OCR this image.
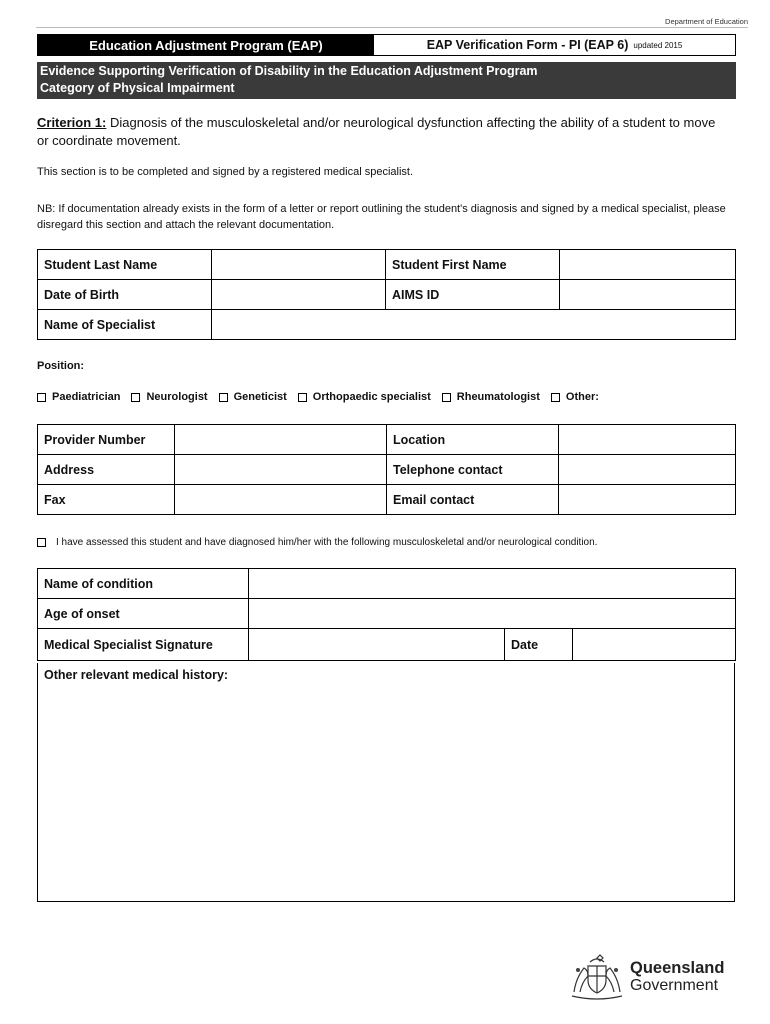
Department of Education
Education Adjustment Program (EAP)	EAP Verification Form - PI (EAP 6) updated 2015
Evidence Supporting Verification of Disability in the Education Adjustment Program
Category of Physical Impairment
Criterion 1: Diagnosis of the musculoskeletal and/or neurological dysfunction affecting the ability of a student to move or coordinate movement.
This section is to be completed and signed by a registered medical specialist.
NB: If documentation already exists in the form of a letter or report outlining the student's diagnosis and signed by a medical specialist, please disregard this section and attach the relevant documentation.
Student Last Name		Student First Name	
Date of Birth		AIMS ID	
Name of Specialist			
Position:
Paediatrician Neurologist Geneticist Orthopaedic specialist Rheumatologist Other:
Provider Number		Location	
Address		Telephone contact	
Fax		Email contact	
I have assessed this student and have diagnosed him/her with the following musculoskeletal and/or neurological condition.
Name of condition			
Age of onset			
Medical Specialist Signature		Date	
Other relevant medical history:
Queensland
Government
